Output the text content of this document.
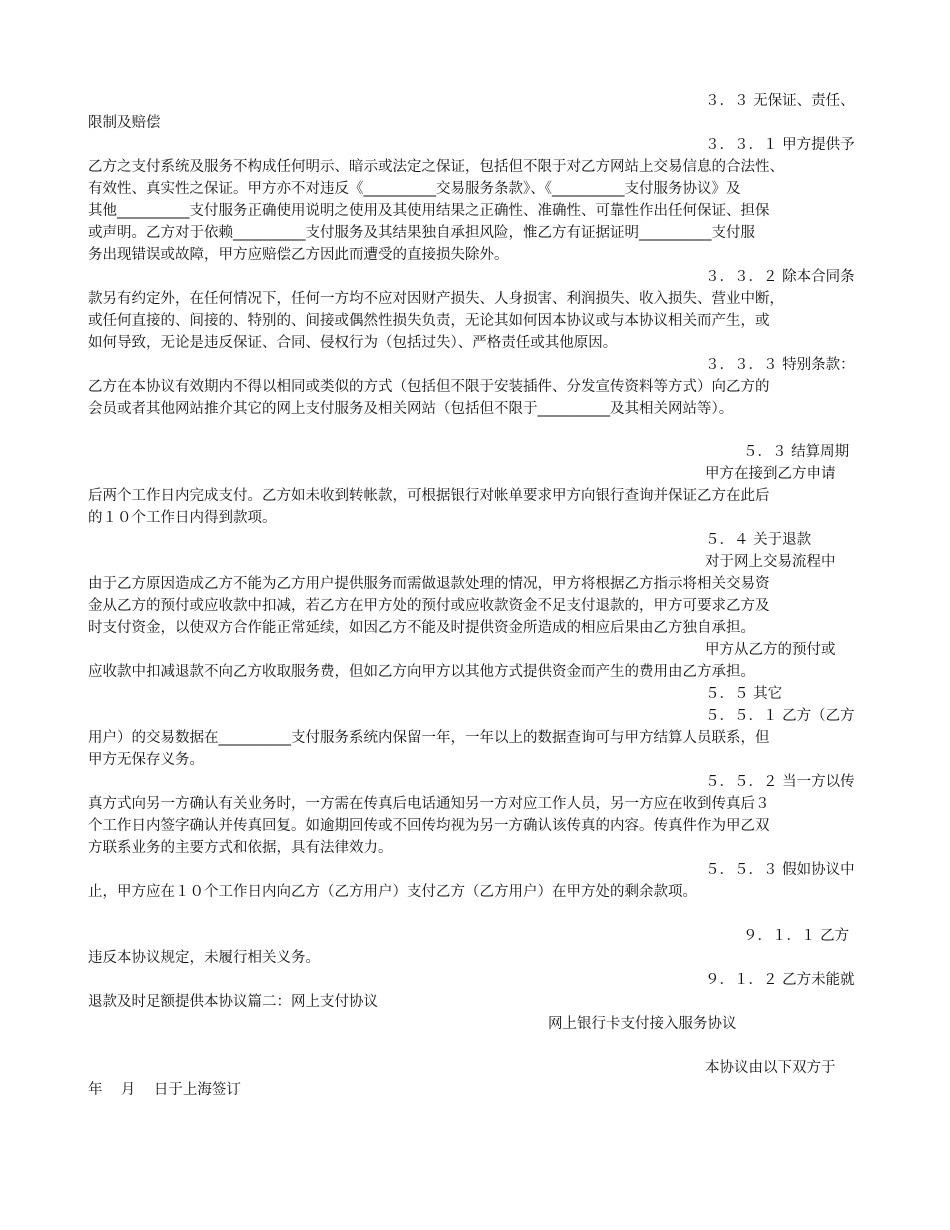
３．３ 无保证、责任、
限制及赔偿
３．３．１ 甲方提供予
乙方之支付系统及服务不构成任何明示、暗示或法定之保证，包括但不限于对乙方网站上交易信息的合法性、
有效性、真实性之保证。甲方亦不对违反《__________交易服务条款》、《__________支付服务协议》及
其他__________支付服务正确使用说明之使用及其使用结果之正确性、准确性、可靠性作出任何保证、担保
或声明。乙方对于依赖__________支付服务及其结果独自承担风险，惟乙方有证据证明__________支付服
务出现错误或故障，甲方应赔偿乙方因此而遭受的直接损失除外。
３．３．２ 除本合同条
款另有约定外，在任何情况下，任何一方均不应对因财产损失、人身损害、利润损失、收入损失、营业中断，
或任何直接的、间接的、特别的、间接或偶然性损失负责，无论其如何因本协议或与本协议相关而产生，或
如何导致，无论是违反保证、合同、侵权行为（包括过失）、严格责任或其他原因。
３．３．３ 特别条款：
乙方在本协议有效期内不得以相同或类似的方式（包括但不限于安装插件、分发宣传资料等方式）向乙方的
会员或者其他网站推介其它的网上支付服务及相关网站（包括但不限于__________及其相关网站等）。
５．３ 结算周期
甲方在接到乙方申请
后两个工作日内完成支付。乙方如未收到转帐款，可根据银行对帐单要求甲方向银行查询并保证乙方在此后
的１０个工作日内得到款项。
５．４ 关于退款
对于网上交易流程中
由于乙方原因造成乙方不能为乙方用户提供服务而需做退款处理的情况，甲方将根据乙方指示将相关交易资
金从乙方的预付或应收款中扣减，若乙方在甲方处的预付或应收款资金不足支付退款的，甲方可要求乙方及
时支付资金，以使双方合作能正常延续，如因乙方不能及时提供资金所造成的相应后果由乙方独自承担。
甲方从乙方的预付或
应收款中扣减退款不向乙方收取服务费，但如乙方向甲方以其他方式提供资金而产生的费用由乙方承担。
５．５ 其它
５．５．１ 乙方（乙方
用户）的交易数据在__________支付服务系统内保留一年，一年以上的数据查询可与甲方结算人员联系，但
甲方无保存义务。
５．５．２ 当一方以传
真方式向另一方确认有关业务时，一方需在传真后电话通知另一方对应工作人员，另一方应在收到传真后３
个工作日内签字确认并传真回复。如逾期回传或不回传均视为另一方确认该传真的内容。传真件作为甲乙双
方联系业务的主要方式和依据，具有法律效力。
５．５．３ 假如协议中
止，甲方应在１０个工作日内向乙方（乙方用户）支付乙方（乙方用户）在甲方处的剩余款项。
９．１．１ 乙方
违反本协议规定，未履行相关义务。
９．１．２ 乙方未能就
退款及时足额提供本协议篇二：网上支付协议
网上银行卡支付接入服务协议
本协议由以下双方于
年    月    日于上海签订
